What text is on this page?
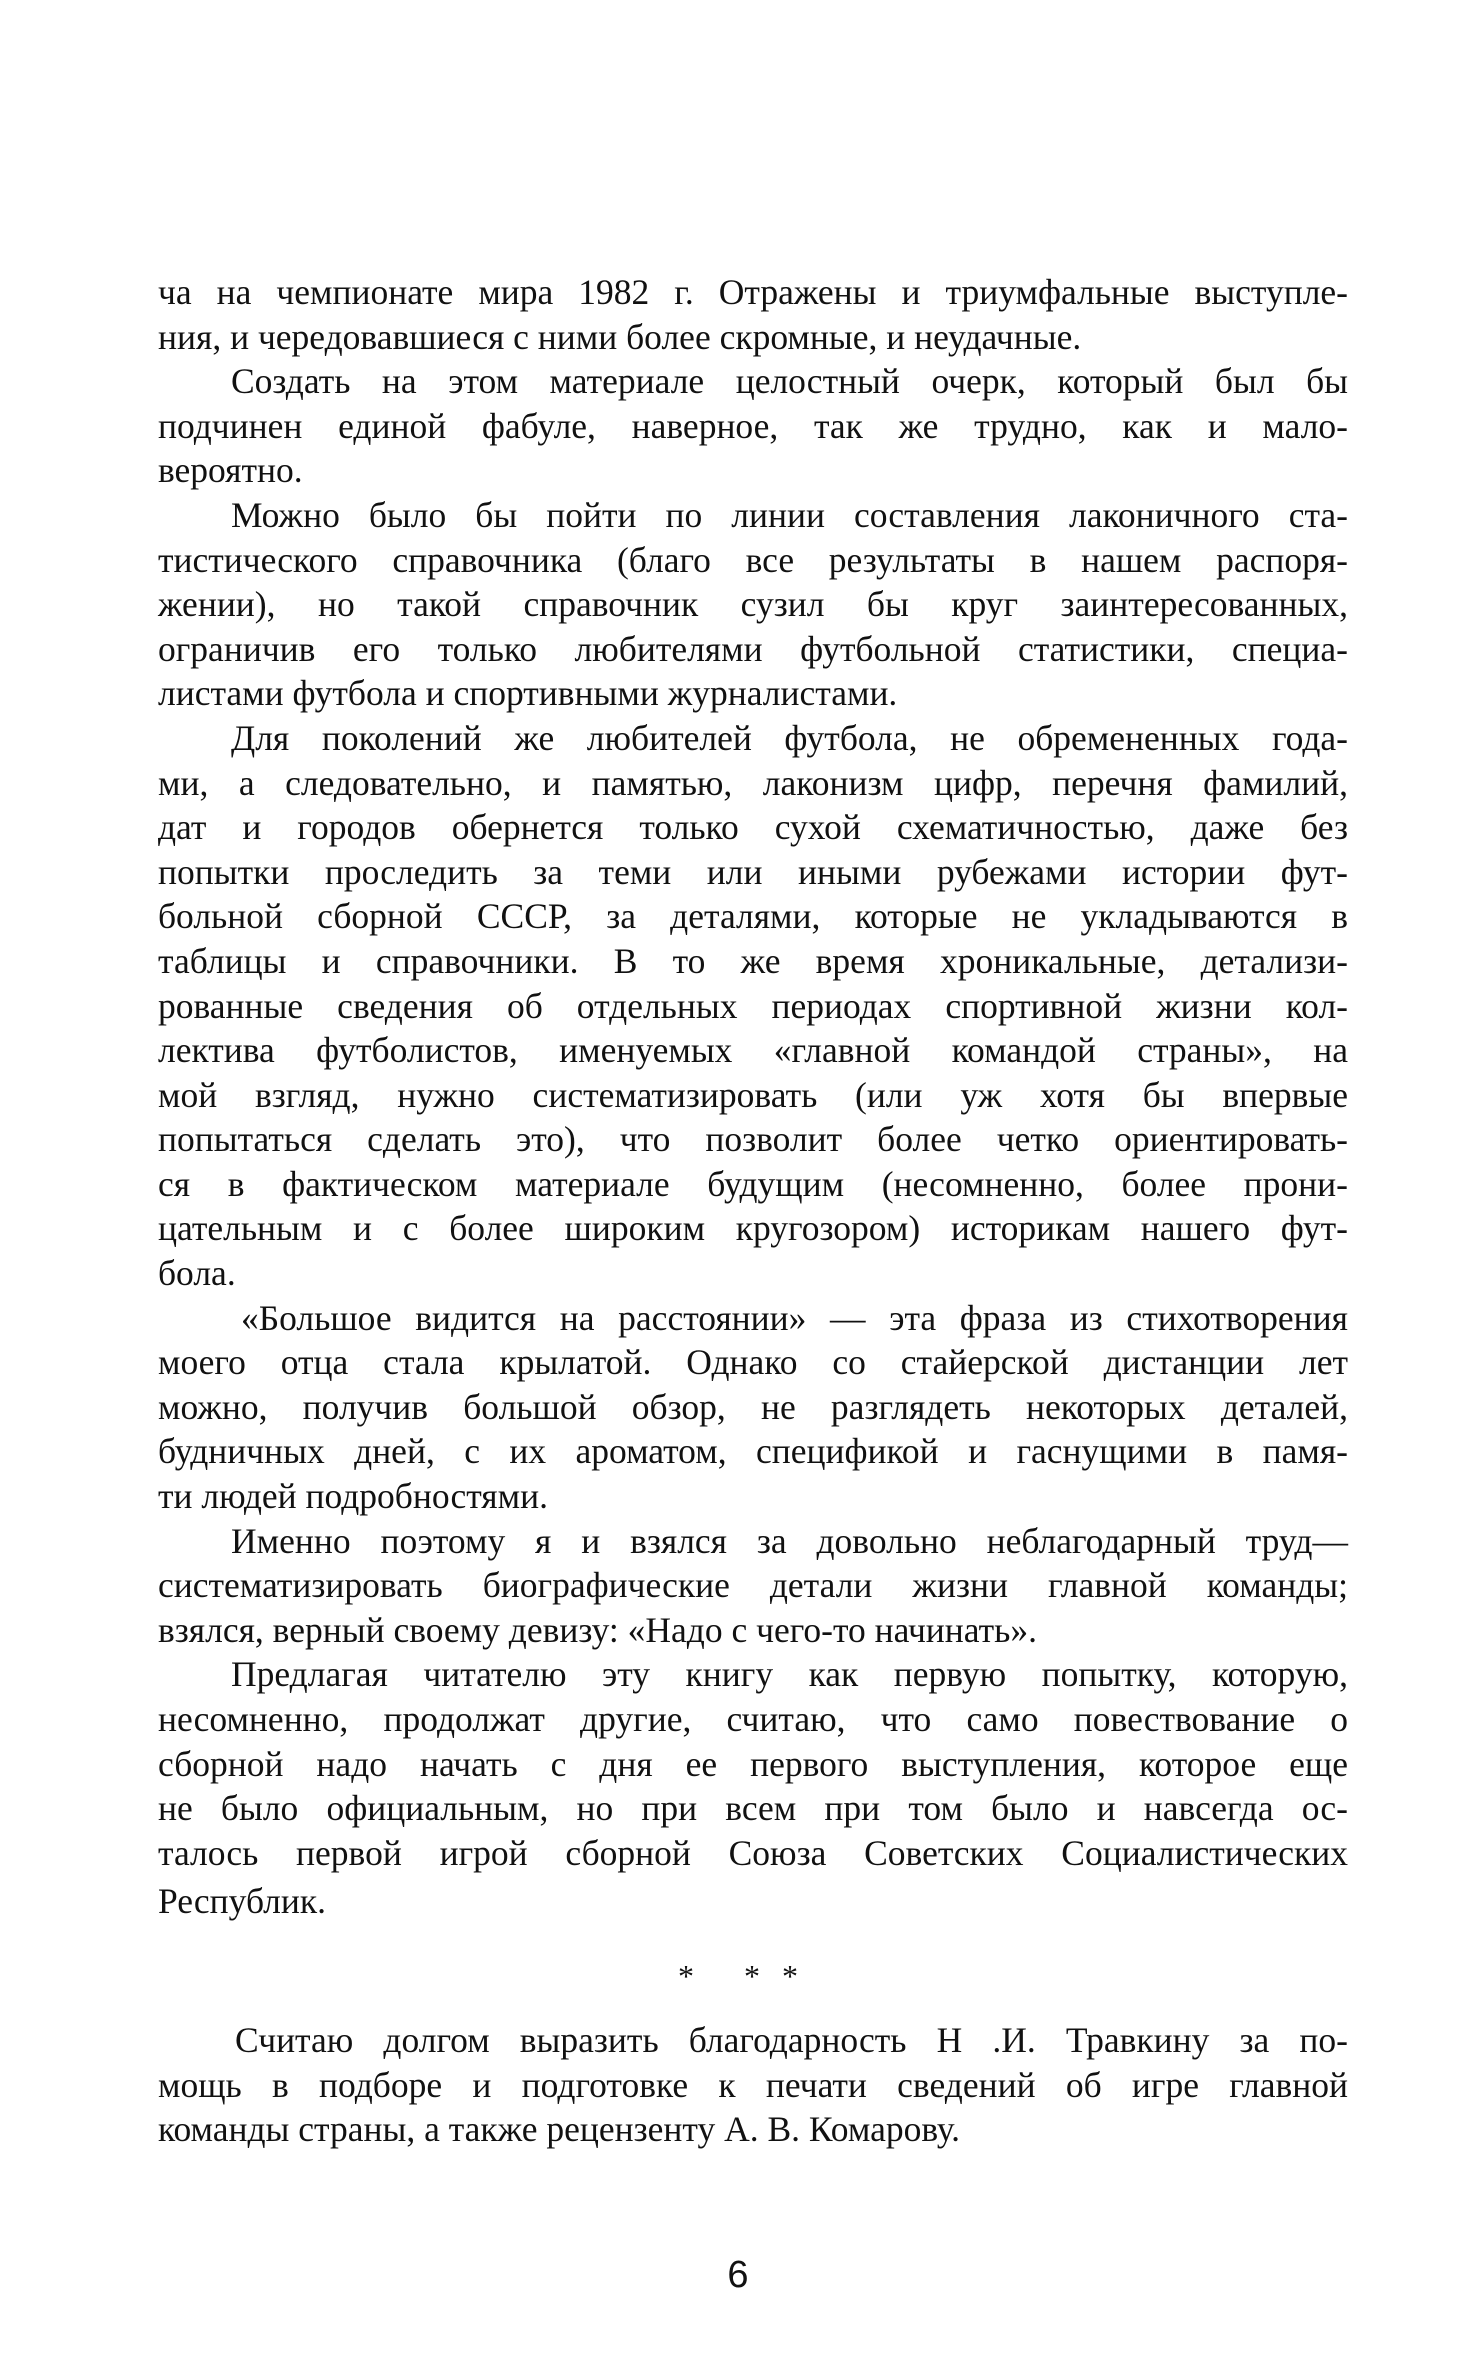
ча на чемпионате мира 1982 г. Отражены и триумфальные выступле-
ния, и чередовавшиеся с ними более скромные, и неудачные.
Создать на этом материале целостный очерк, который был бы
подчинен единой фабуле, наверное, так же трудно, как и мало-
вероятно.
Можно было бы пойти по линии составления лаконичного ста-
тистического справочника (благо все результаты в нашем распоря-
жении), но такой справочник сузил бы круг заинтересованных,
ограничив его только любителями футбольной статистики, специа-
листами футбола и спортивными журналистами.
Для поколений же любителей футбола, не обремененных года-
ми, а следовательно, и памятью, лаконизм цифр, перечня фамилий,
дат и городов обернется только сухой схематичностью, даже без
попытки проследить за теми или иными рубежами истории фут-
больной сборной СССР, за деталями, которые не укладываются в
таблицы и справочники. В то же время хроникальные, детализи-
рованные сведения об отдельных периодах спортивной жизни кол-
лектива футболистов, именуемых «главной командой страны», на
мой взгляд, нужно систематизировать (или уж хотя бы впервые
попытаться сделать это), что позволит более четко ориентировать-
ся в фактическом материале будущим (несомненно, более прони-
цательным и с более широким кругозором) историкам нашего фут-
бола.
«Большое видится на расстоянии» — эта фраза из стихотворения
моего отца стала крылатой. Однако со стайерской дистанции лет
можно, получив большой обзор, не разглядеть некоторых деталей,
будничных дней, с их ароматом, спецификой и гаснущими в памя-
ти людей подробностями.
Именно поэтому я и взялся за довольно неблагодарный труд—
систематизировать биографические детали жизни главной команды;
взялся, верный своему девизу: «Надо с чего-то начинать».
Предлагая читателю эту книгу как первую попытку, которую,
несомненно, продолжат другие, считаю, что само повествование о
сборной надо начать с дня ее первого выступления, которое еще
не было официальным, но при всем при том было и навсегда ос-
талось первой игрой сборной Союза Советских Социалистических
Республик.
* * *
Считаю долгом выразить благодарность Н .И. Травкину за по-
мощь в подборе и подготовке к печати сведений об игре главной
команды страны, а также рецензенту А. В. Комарову.
6
